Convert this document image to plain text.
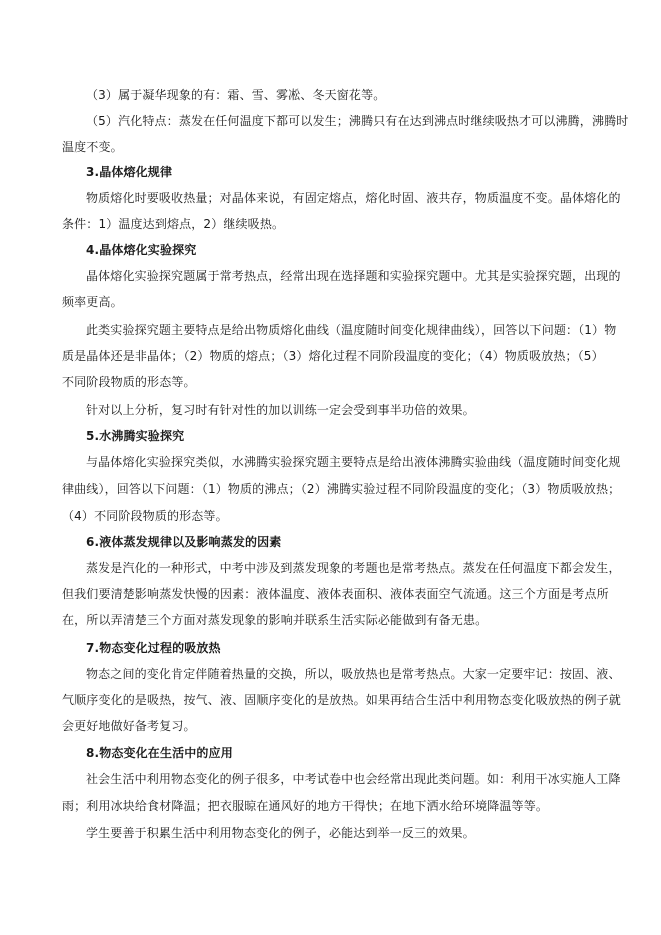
（3）属于凝华现象的有：霜、雪、雾凇、冬天窗花等。
（5）汽化特点：蒸发在任何温度下都可以发生；沸腾只有在达到沸点时继续吸热才可以沸腾，沸腾时
温度不变。
3.晶体熔化规律
物质熔化时要吸收热量；对晶体来说，有固定熔点，熔化时固、液共存，物质温度不变。晶体熔化的
条件：1）温度达到熔点，2）继续吸热。
4.晶体熔化实验探究
晶体熔化实验探究题属于常考热点，经常出现在选择题和实验探究题中。尤其是实验探究题，出现的
频率更高。
此类实验探究题主要特点是给出物质熔化曲线（温度随时间变化规律曲线），回答以下问题：（1）物
质是晶体还是非晶体；（2）物质的熔点；（3）熔化过程不同阶段温度的变化；（4）物质吸放热；（5）
不同阶段物质的形态等。
针对以上分析，复习时有针对性的加以训练一定会受到事半功倍的效果。
5.水沸腾实验探究
与晶体熔化实验探究类似，水沸腾实验探究题主要特点是给出液体沸腾实验曲线（温度随时间变化规
律曲线），回答以下问题：（1）物质的沸点；（2）沸腾实验过程不同阶段温度的变化；（3）物质吸放热；
（4）不同阶段物质的形态等。
6.液体蒸发规律以及影响蒸发的因素
蒸发是汽化的一种形式，中考中涉及到蒸发现象的考题也是常考热点。蒸发在任何温度下都会发生，
但我们要清楚影响蒸发快慢的因素：液体温度、液体表面积、液体表面空气流通。这三个方面是考点所
在，所以弄清楚三个方面对蒸发现象的影响并联系生活实际必能做到有备无患。
7.物态变化过程的吸放热
物态之间的变化肯定伴随着热量的交换，所以，吸放热也是常考热点。大家一定要牢记：按固、液、
气顺序变化的是吸热，按气、液、固顺序变化的是放热。如果再结合生活中利用物态变化吸放热的例子就
会更好地做好备考复习。
8.物态变化在生活中的应用
社会生活中利用物态变化的例子很多，中考试卷中也会经常出现此类问题。如：利用干冰实施人工降
雨；利用冰块给食材降温；把衣服晾在通风好的地方干得快；在地下洒水给环境降温等等。
学生要善于积累生活中利用物态变化的例子，必能达到举一反三的效果。
